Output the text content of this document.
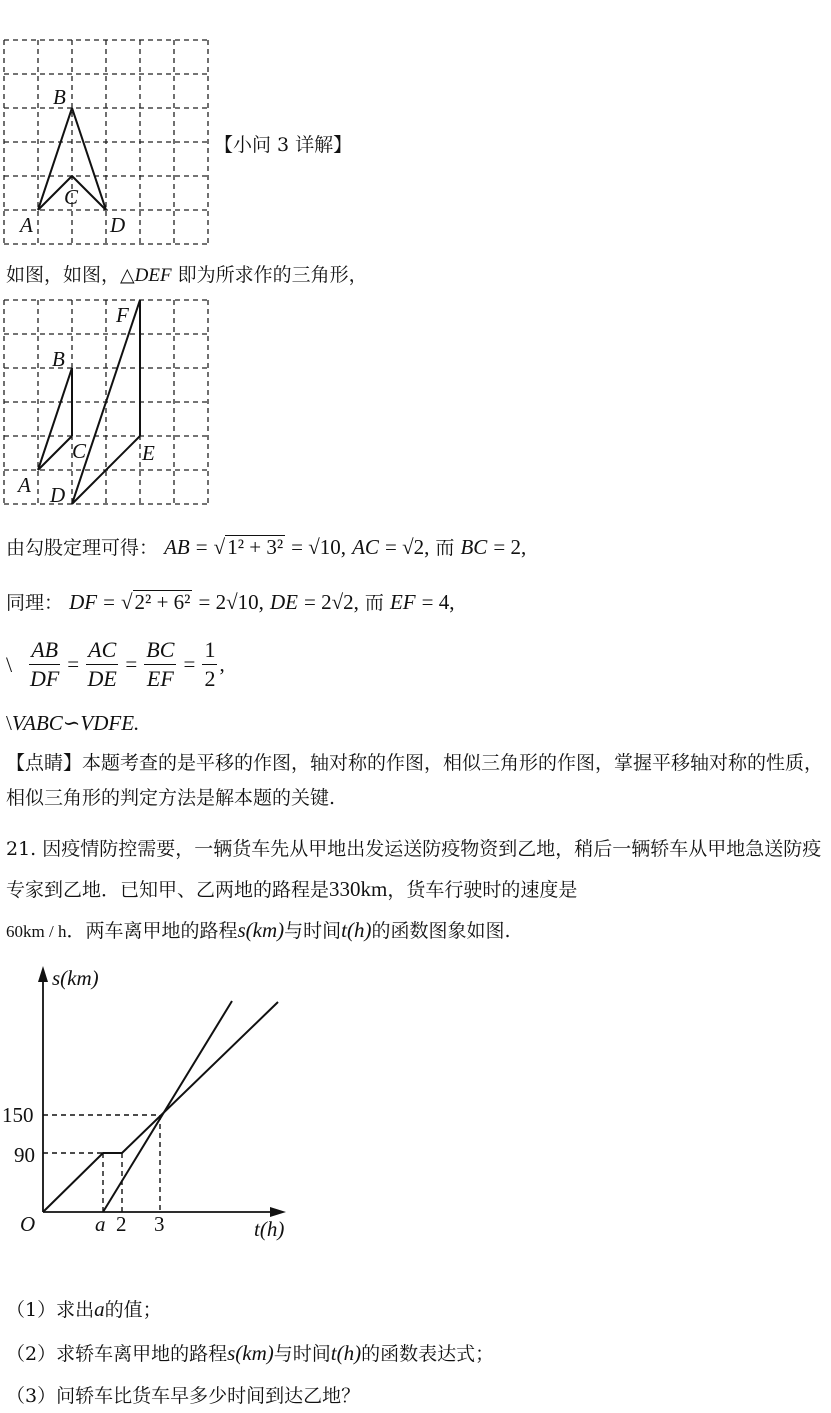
B
C
A	D
【小问 3 详解】
如图，如图，△DEF 即为所求作的三角形，
F
B
C	E
A D
由勾股定理可得： AB = √1² + 3² = √10, AC = √2, 而 BC = 2,
同理： DF = √2² + 6² = 2√10, DE = 2√2, 而 EF = 4,
\ $\frac{AB}{DF} = \frac{AC}{DE} = \frac{BC}{EF} = \frac{1}{2}$ ,
\VABC∽VDFE.
【点睛】本题考查的是平移的作图，轴对称的作图，相似三角形的作图，掌握平移轴对称的性质，相似三角形的判定方法是解本题的关键.
21. 因疫情防控需要，一辆货车先从甲地出发运送防疫物资到乙地，稍后一辆轿车从甲地急送防疫专家到乙地．已知甲、乙两地的路程是330km，货车行驶时的速度是
60km / h．两车离甲地的路程s(km)与时间t(h)的函数图象如图.
s(km)
t(h)
O
150
90
a 2 3
（1）求出a的值；
（2）求轿车离甲地的路程s(km)与时间t(h)的函数表达式；
（3）问轿车比货车早多少时间到达乙地？
